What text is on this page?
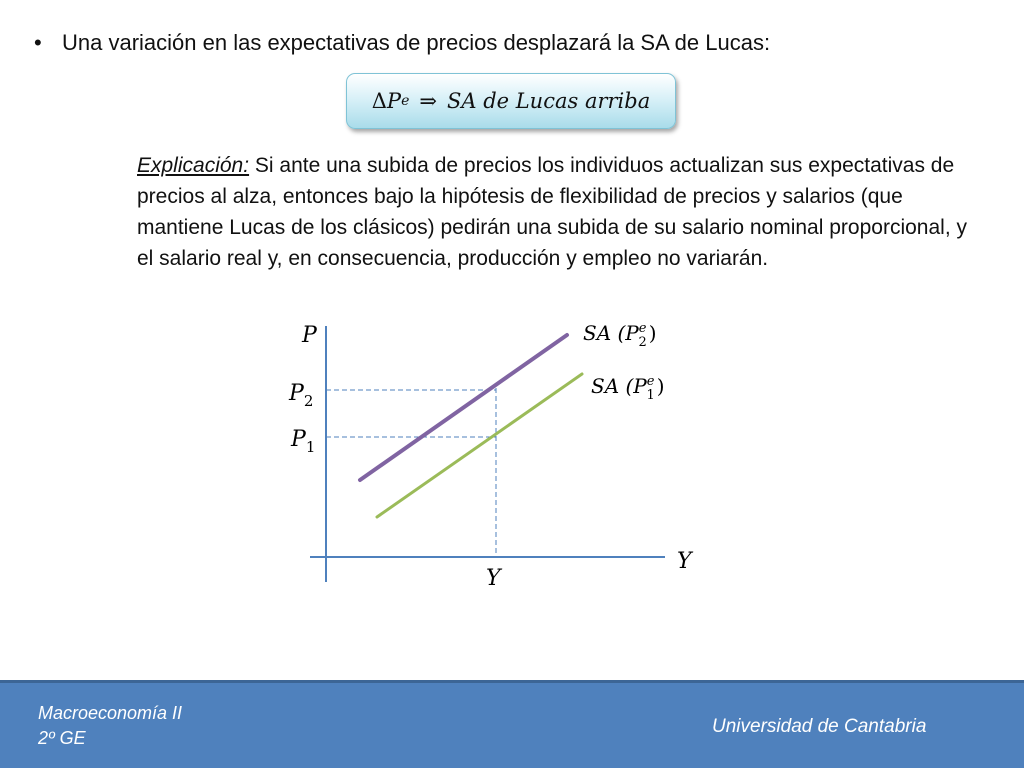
• Una variación en las expectativas de precios desplazará la SA de Lucas:
Δ P e ⇒ SA de Lucas arriba
Explicación: Si ante una subida de precios los individuos actualizan sus expectativas de precios al alza, entonces bajo la hipótesis de flexibilidad de precios y salarios (que mantiene Lucas de los clásicos) pedirán una subida de su salario nominal proporcional, y el salario real y, en consecuencia, producción y empleo no variarán.
P
Y
Y
$P_2$
$P_1$
SA ($P^e$ 2 )
SA ($P^e$ 1 )
Macroeconomía II
2º GE
Universidad de Cantabria
